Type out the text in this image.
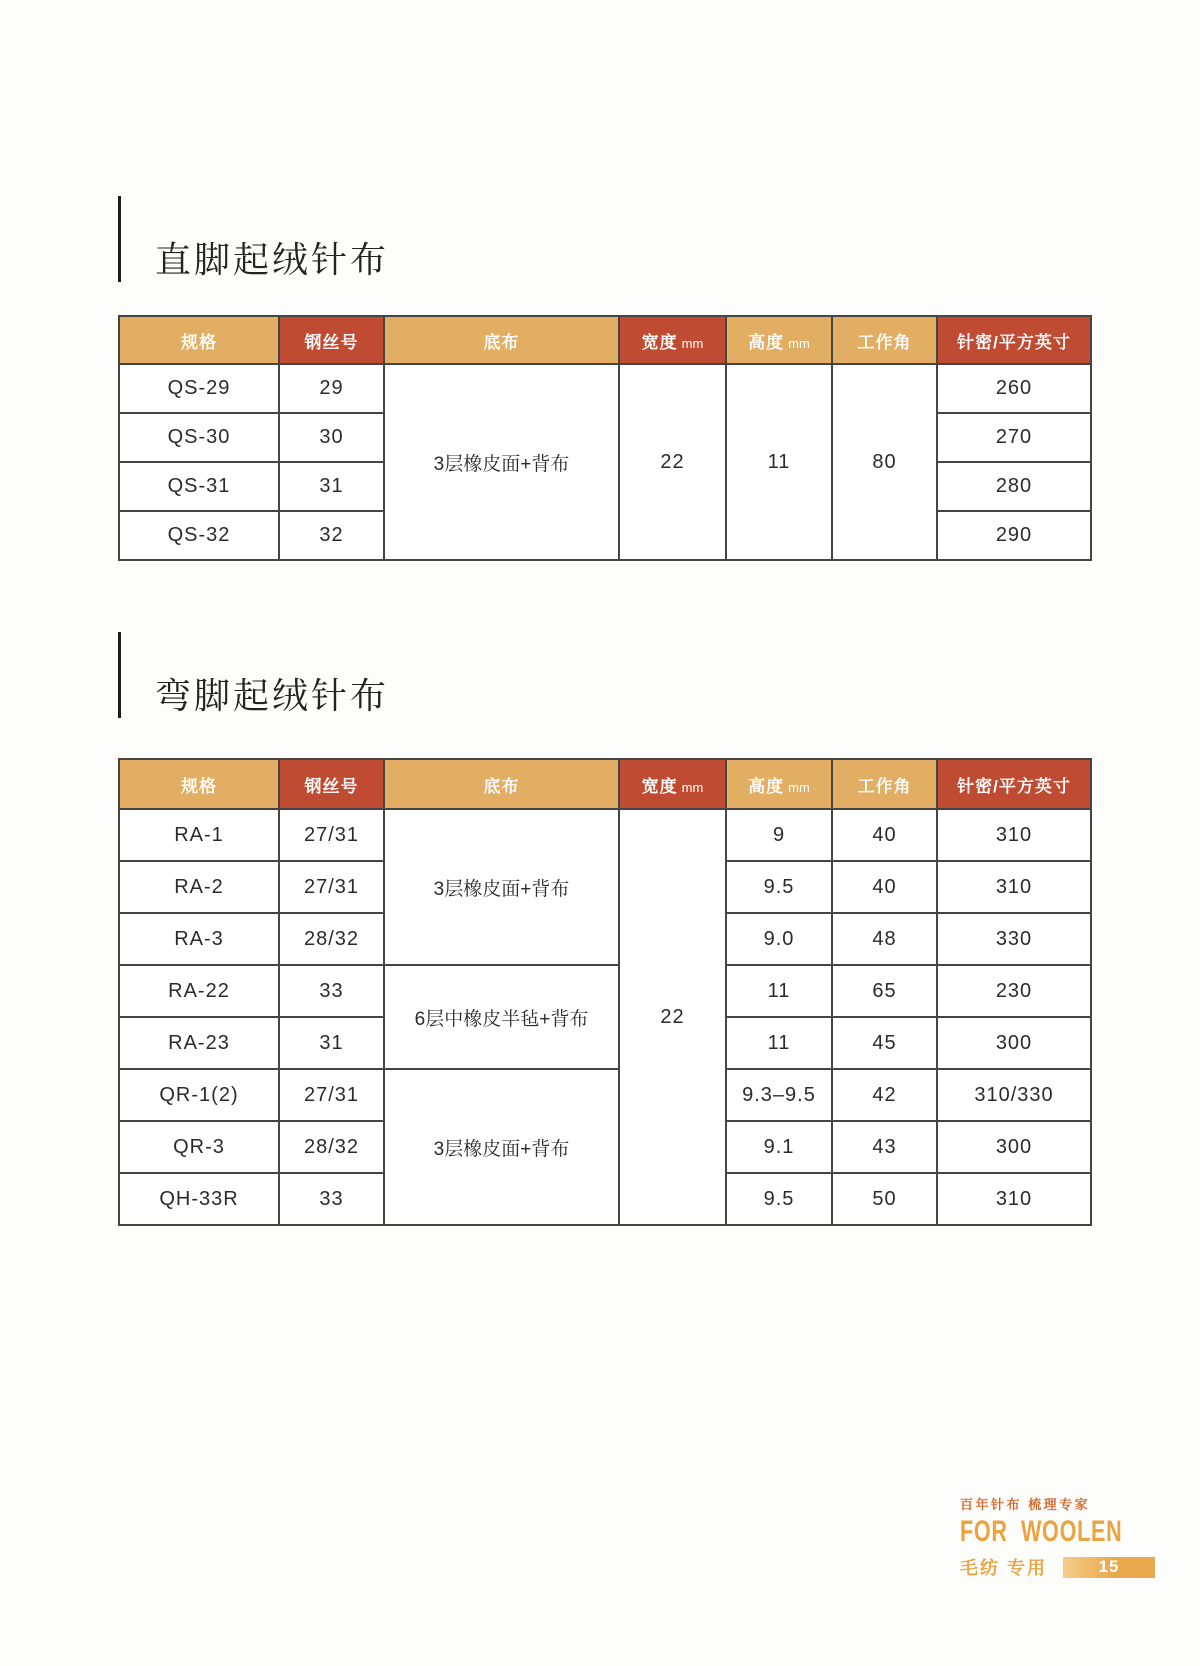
直脚起绒针布
规格	钢丝号	底布	宽度 mm	高度 mm	工作角	针密/平方英寸
QS-29	29	3层橡皮面+背布	22	11	80	260
QS-30	30					270
QS-31	31					280
QS-32	32					290
弯脚起绒针布
规格	钢丝号	底布	宽度 mm	高度 mm	工作角	针密/平方英寸
RA-1	27/31	3层橡皮面+背布	22	9	40	310
RA-2	27/31			9.5	40	310
RA-3	28/32			9.0	48	330
RA-22	33	6层中橡皮半毡+背布		11	65	230
RA-23	31			11	45	300
QR-1(2)	27/31	3层橡皮面+背布		9.3–9.5	42	310/330
QR-3	28/32			9.1	43	300
QH-33R	33			9.5	50	310
百年针布 梳理专家
FOR WOOLEN
毛纺 专用	15
